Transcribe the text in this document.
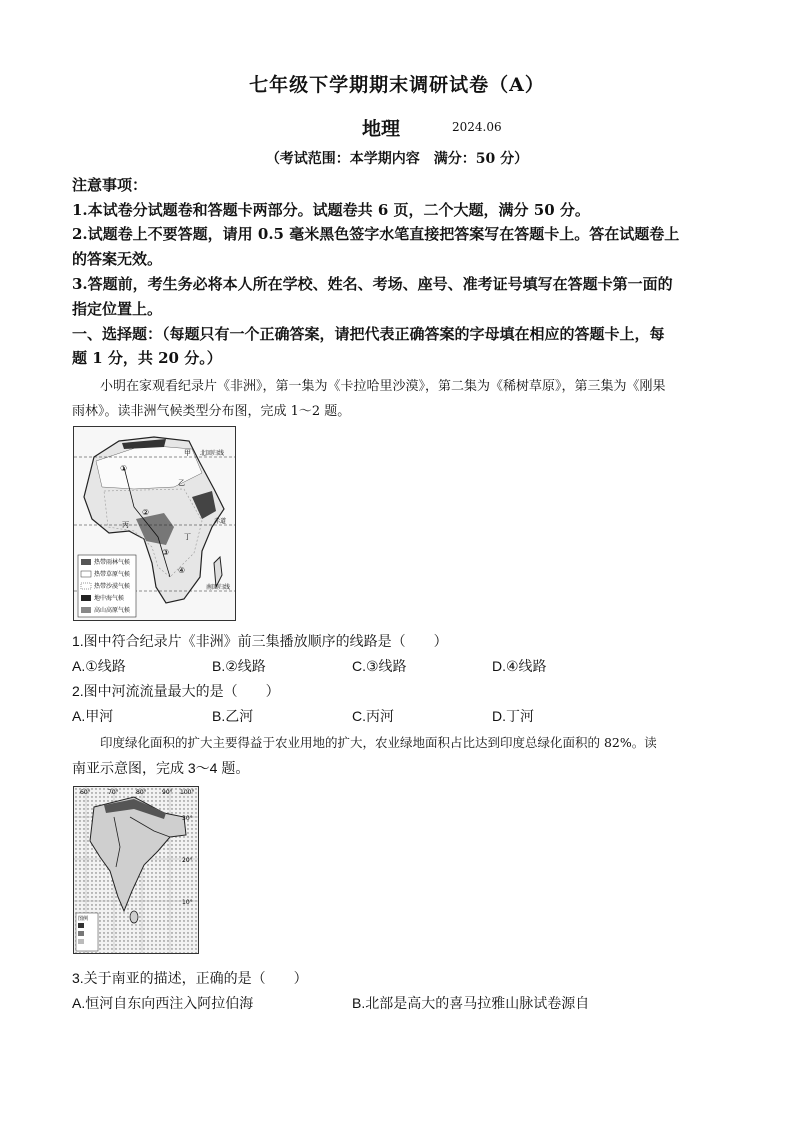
七年级下学期期末调研试卷（A）
地理	2024.06
（考试范围：本学期内容　满分：50 分）
注意事项：
1.本试卷分试题卷和答题卡两部分。试题卷共 6 页，二个大题，满分 50 分。
2.试题卷上不要答题，请用 0.5 毫米黑色签字水笔直接把答案写在答题卡上。答在试题卷上
的答案无效。
3.答题前，考生务必将本人所在学校、姓名、考场、座号、准考证号填写在答题卡第一面的
指定位置上。
一、选择题：（每题只有一个正确答案，请把代表正确答案的字母填在相应的答题卡上，每
题 1 分，共 20 分。）
小明在家观看纪录片《非洲》，第一集为《卡拉哈里沙漠》，第二集为《稀树草原》，第三集为《刚果
雨林》。读非洲气候类型分布图，完成 1～2 题。
甲 北回归线
乙
丙
丁
赤道
南回归线
①
②
③
④
热带雨林气候
热带草原气候
热带沙漠气候
地中海气候
高山高原气候
1.图中符合纪录片《非洲》前三集播放顺序的线路是（　　）
A.①线路	B.②线路	C.③线路	D.④线路
2.图中河流流量最大的是（　　）
A.甲河	B.乙河	C.丙河	D.丁河
印度绿化面积的扩大主要得益于农业用地的扩大，农业绿地面积占比达到印度总绿化面积的 82%。读
南亚示意图，完成 3～4 题。
60°	70°	80°	90° 100°
30°
20°
10°
图例
3.关于南亚的描述，正确的是（　　）
A.恒河自东向西注入阿拉伯海	B.北部是高大的喜马拉雅山脉试卷源自
